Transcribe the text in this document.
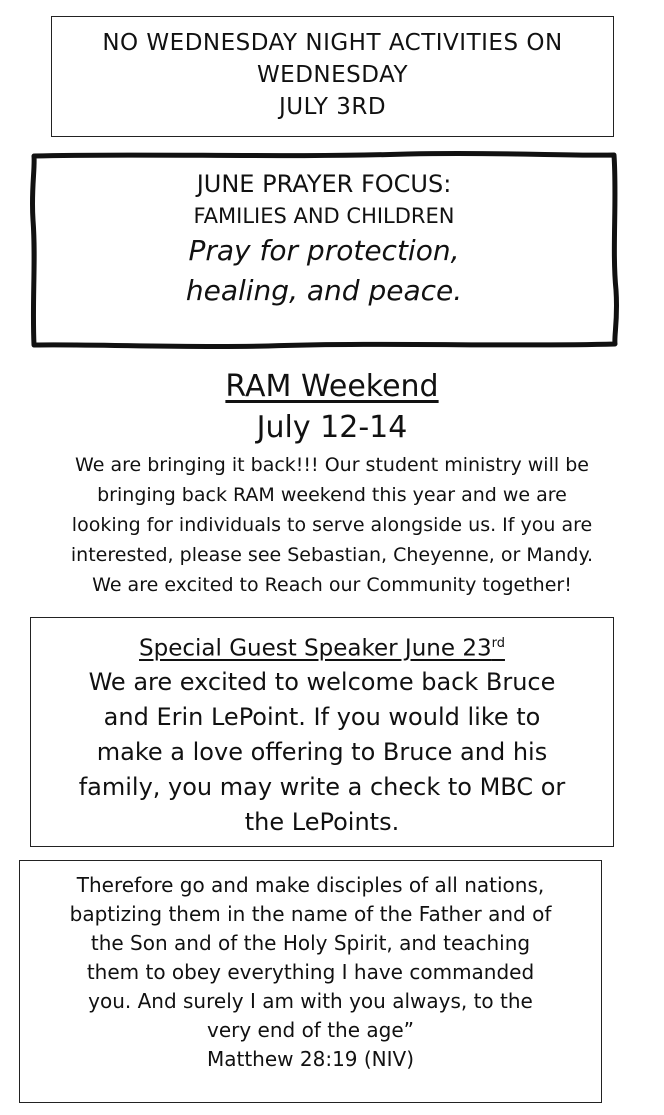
NO WEDNESDAY NIGHT ACTIVITIES ON
WEDNESDAY
JULY 3RD
JUNE PRAYER FOCUS:
FAMILIES AND CHILDREN
Pray for protection,
healing, and peace.
RAM Weekend
July 12-14
We are bringing it back!!! Our student ministry will be
bringing back RAM weekend this year and we are
looking for individuals to serve alongside us. If you are
interested, please see Sebastian, Cheyenne, or Mandy.
We are excited to Reach our Community together!
Special Guest Speaker June 23rd
We are excited to welcome back Bruce
and Erin LePoint. If you would like to
make a love offering to Bruce and his
family, you may write a check to MBC or
the LePoints.
Therefore go and make disciples of all nations,
baptizing them in the name of the Father and of
the Son and of the Holy Spirit, and teaching
them to obey everything I have commanded
you. And surely I am with you always, to the
very end of the age”
Matthew 28:19 (NIV)
